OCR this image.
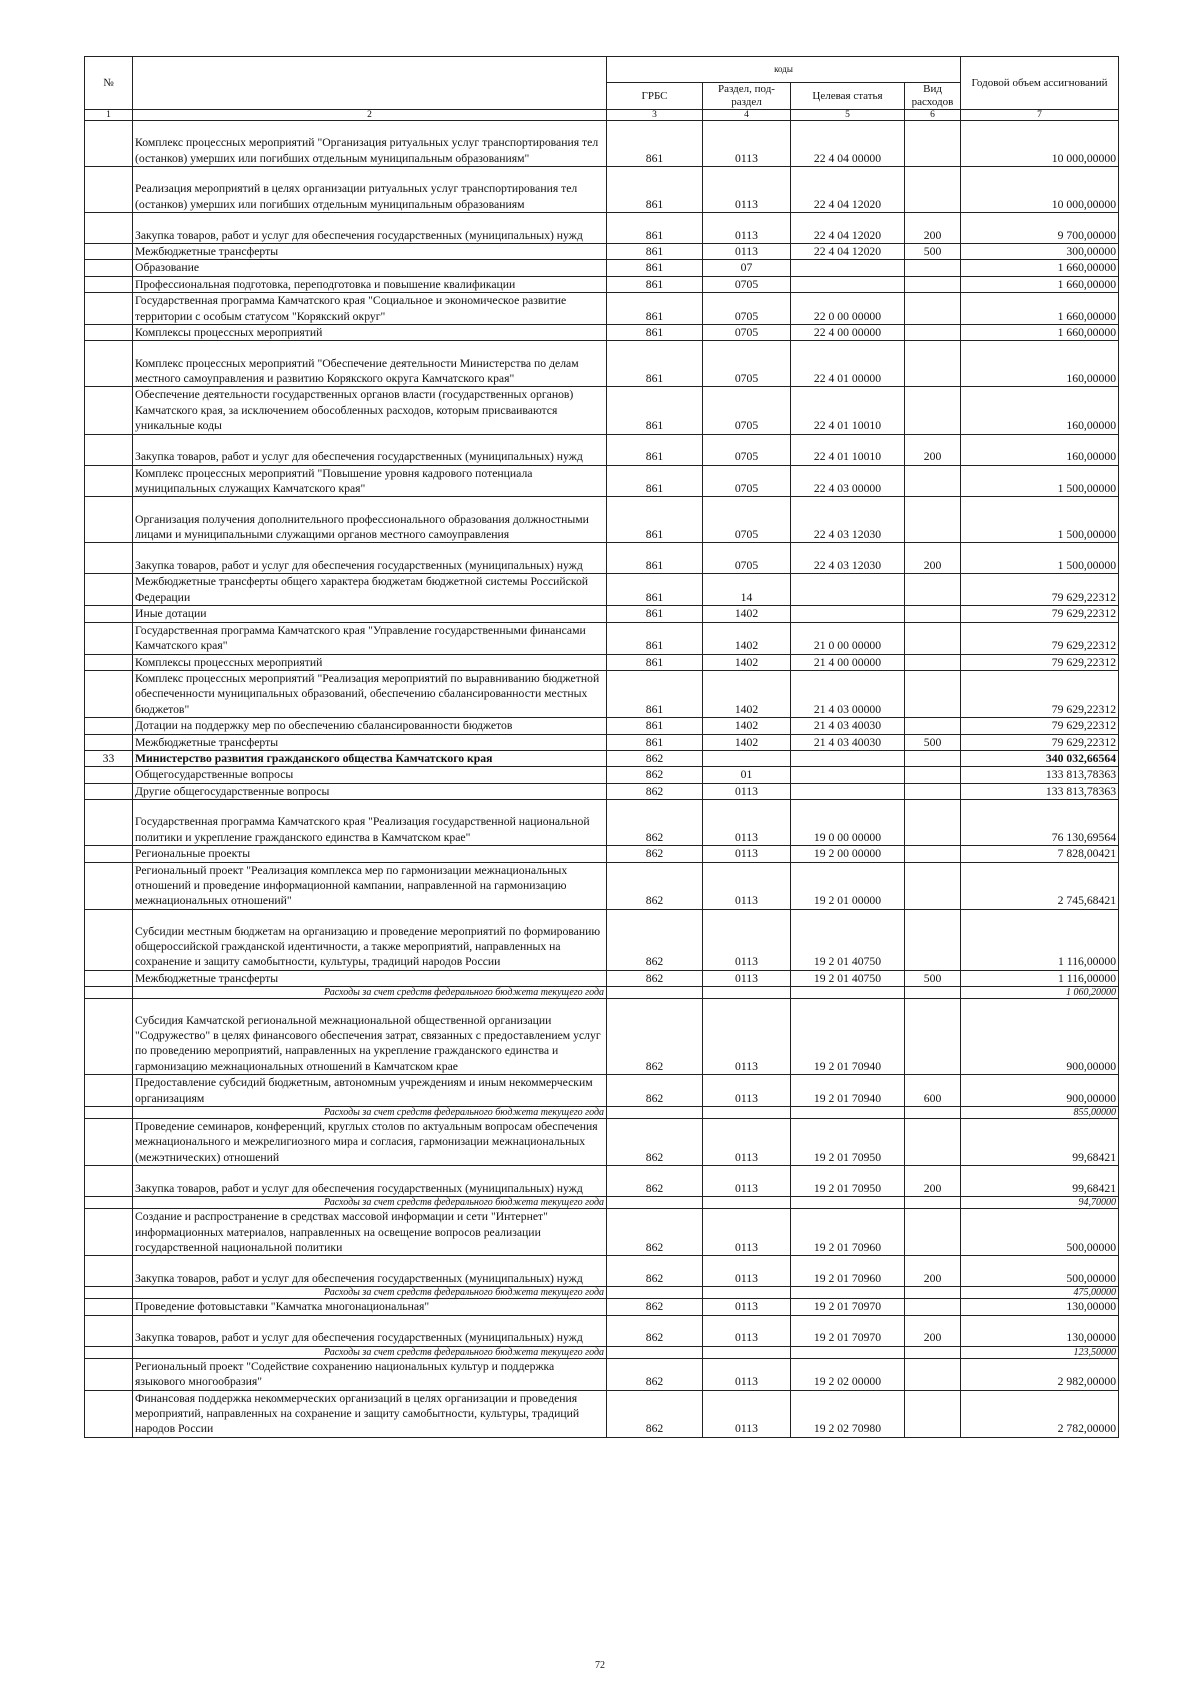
№		коды				Годовой объем ассигнований
		ГРБС	Раздел, под-раздел	Целевая статья	Вид расходов	
1	2	3	4	5	6	7
	Комплекс процессных мероприятий "Организация ритуальных услуг транспортирования тел (останков) умерших или погибших отдельным муниципальным образованиям"	861	0113	22 4 04 00000		10 000,00000
	Реализация мероприятий в целях организации ритуальных услуг транспортирования тел (останков) умерших или погибших отдельным муниципальным образованиям	861	0113	22 4 04 12020		10 000,00000
	Закупка товаров, работ и услуг для обеспечения государственных (муниципальных) нужд	861	0113	22 4 04 12020	200	9 700,00000
	Межбюджетные трансферты	861	0113	22 4 04 12020	500	300,00000
	Образование	861	07			1 660,00000
	Профессиональная подготовка, переподготовка и повышение квалификации	861	0705			1 660,00000
	Государственная программа Камчатского края "Социальное и экономическое развитие территории с особым статусом "Корякский округ"	861	0705	22 0 00 00000		1 660,00000
	Комплексы процессных мероприятий	861	0705	22 4 00 00000		1 660,00000
	Комплекс процессных мероприятий "Обеспечение деятельности Министерства по делам местного самоуправления и развитию Корякского округа Камчатского края"	861	0705	22 4 01 00000		160,00000
	Обеспечение деятельности государственных органов власти (государственных органов) Камчатского края, за исключением обособленных расходов, которым присваиваются уникальные коды	861	0705	22 4 01 10010		160,00000
	Закупка товаров, работ и услуг для обеспечения государственных (муниципальных) нужд	861	0705	22 4 01 10010	200	160,00000
	Комплекс процессных мероприятий "Повышение уровня кадрового потенциала муниципальных служащих Камчатского края"	861	0705	22 4 03 00000		1 500,00000
	Организация получения дополнительного профессионального образования должностными лицами и муниципальными служащими органов местного самоуправления	861	0705	22 4 03 12030		1 500,00000
	Закупка товаров, работ и услуг для обеспечения государственных (муниципальных) нужд	861	0705	22 4 03 12030	200	1 500,00000
	Межбюджетные трансферты общего характера бюджетам бюджетной системы Российской Федерации	861	14			79 629,22312
	Иные дотации	861	1402			79 629,22312
	Государственная программа Камчатского края "Управление государственными финансами Камчатского края"	861	1402	21 0 00 00000		79 629,22312
	Комплексы процессных мероприятий	861	1402	21 4 00 00000		79 629,22312
	Комплекс процессных мероприятий "Реализация мероприятий по выравниванию бюджетной обеспеченности муниципальных образований, обеспечению сбалансированности местных бюджетов"	861	1402	21 4 03 00000		79 629,22312
	Дотации на поддержку мер по обеспечению сбалансированности бюджетов	861	1402	21 4 03 40030		79 629,22312
	Межбюджетные трансферты	861	1402	21 4 03 40030	500	79 629,22312
33	Министерство развития гражданского общества Камчатского края	862				340 032,66564
	Общегосударственные вопросы	862	01			133 813,78363
	Другие общегосударственные вопросы	862	0113			133 813,78363
	Государственная программа Камчатского края "Реализация государственной национальной политики и укрепление гражданского единства в Камчатском крае"	862	0113	19 0 00 00000		76 130,69564
	Региональные проекты	862	0113	19 2 00 00000		7 828,00421
	Региональный проект "Реализация комплекса мер по гармонизации межнациональных отношений и проведение информационной кампании, направленной на гармонизацию межнациональных отношений"	862	0113	19 2 01 00000		2 745,68421
	Субсидии местным бюджетам на организацию и проведение мероприятий по формированию общероссийской гражданской идентичности, а также мероприятий, направленных на сохранение и защиту самобытности, культуры, традиций народов России	862	0113	19 2 01 40750		1 116,00000
	Межбюджетные трансферты	862	0113	19 2 01 40750	500	1 116,00000
	Расходы за счет средств федерального бюджета текущего года					1 060,20000
	Субсидия Камчатской региональной межнациональной общественной организации "Содружество" в целях финансового обеспечения затрат, связанных с предоставлением услуг по проведению мероприятий, направленных на укрепление гражданского единства и гармонизацию межнациональных отношений в Камчатском крае	862	0113	19 2 01 70940		900,00000
	Предоставление субсидий бюджетным, автономным учреждениям и иным некоммерческим организациям	862	0113	19 2 01 70940	600	900,00000
	Расходы за счет средств федерального бюджета текущего года					855,00000
	Проведение семинаров, конференций, круглых столов по актуальным вопросам обеспечения межнационального и межрелигиозного мира и согласия, гармонизации межнациональных (межэтнических) отношений	862	0113	19 2 01 70950		99,68421
	Закупка товаров, работ и услуг для обеспечения государственных (муниципальных) нужд	862	0113	19 2 01 70950	200	99,68421
	Расходы за счет средств федерального бюджета текущего года					94,70000
	Создание и распространение в средствах массовой информации и сети "Интернет" информационных материалов, направленных на освещение вопросов реализации государственной национальной политики	862	0113	19 2 01 70960		500,00000
	Закупка товаров, работ и услуг для обеспечения государственных (муниципальных) нужд	862	0113	19 2 01 70960	200	500,00000
	Расходы за счет средств федерального бюджета текущего года					475,00000
	Проведение фотовыставки "Камчатка многонациональная"	862	0113	19 2 01 70970		130,00000
	Закупка товаров, работ и услуг для обеспечения государственных (муниципальных) нужд	862	0113	19 2 01 70970	200	130,00000
	Расходы за счет средств федерального бюджета текущего года					123,50000
	Региональный проект "Содействие сохранению национальных культур и поддержка языкового многообразия"	862	0113	19 2 02 00000		2 982,00000
	Финансовая поддержка некоммерческих организаций в целях организации и проведения мероприятий, направленных на сохранение и защиту самобытности, культуры, традиций народов России	862	0113	19 2 02 70980		2 782,00000
72
